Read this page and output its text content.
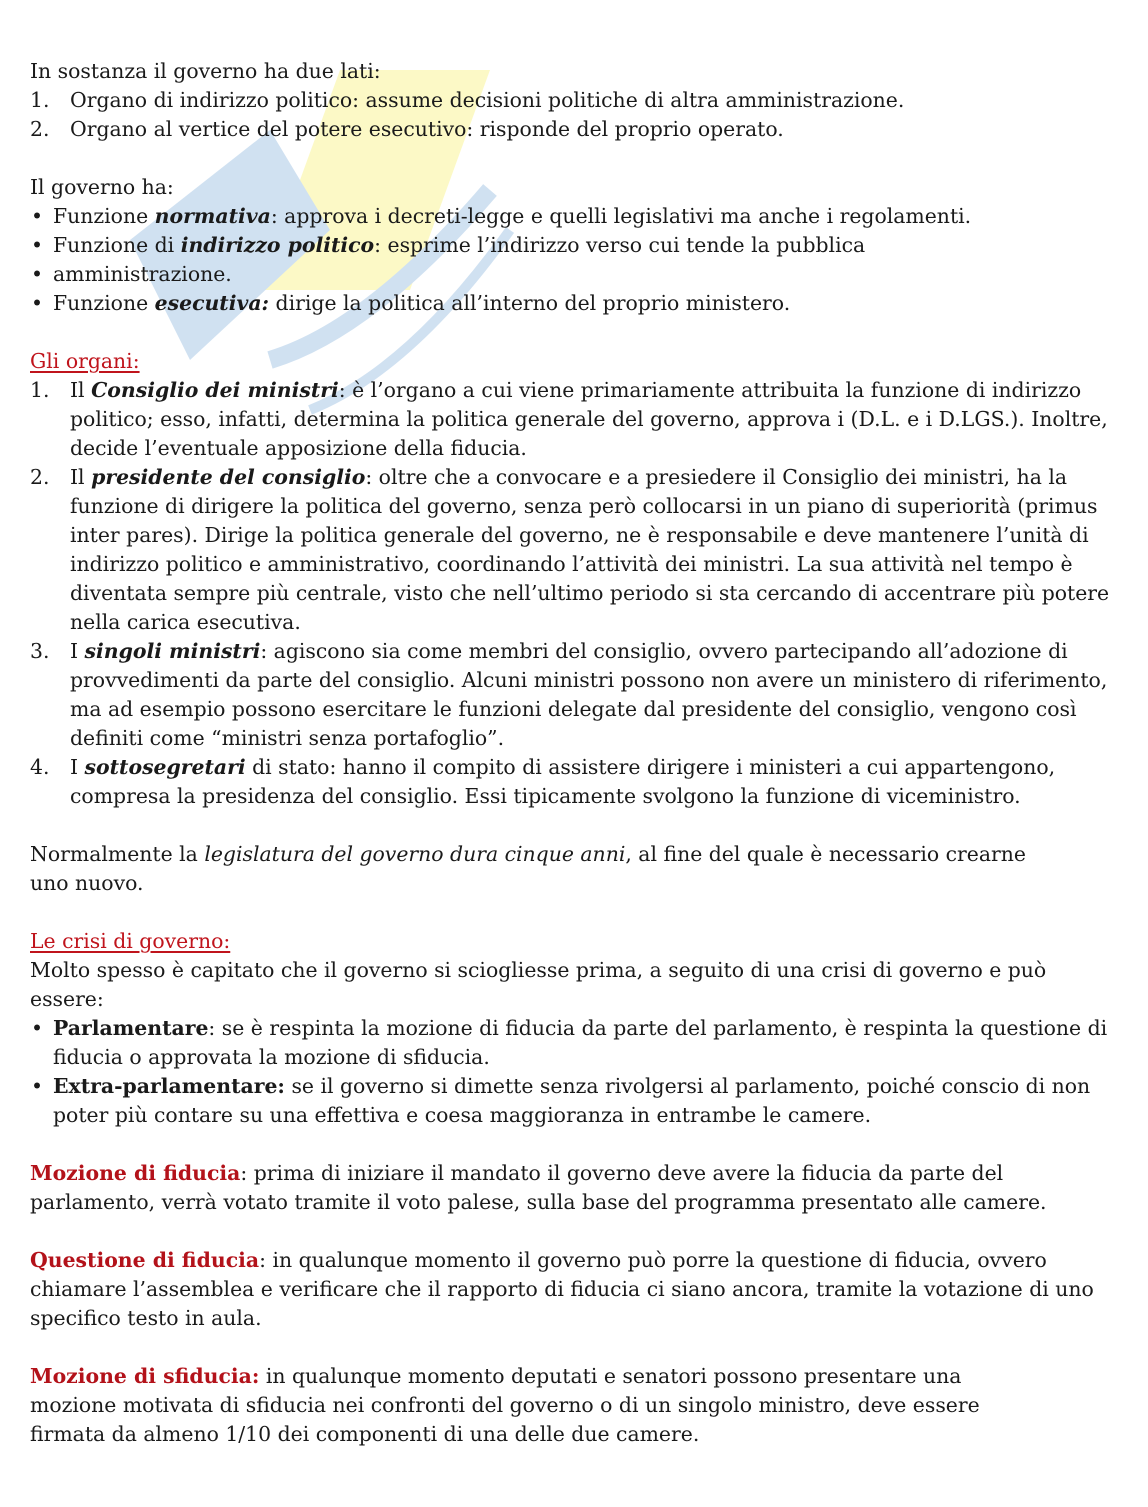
In sostanza il governo ha due lati:

1. Organo di indirizzo politico: assume decisioni politiche di altra amministrazione.
2. Organo al vertice del potere esecutivo: risponde del proprio operato.

Il governo ha:

• Funzione normativa: approva i decreti-legge e quelli legislativi ma anche i regolamenti.
• Funzione di indirizzo politico: esprime l’indirizzo verso cui tende la pubblica
• amministrazione.
• Funzione esecutiva: dirige la politica all’interno del proprio ministero.

Gli organi:

1. Il Consiglio dei ministri: è l’organo a cui viene primariamente attribuita la funzione di indirizzo politico; esso, infatti, determina la politica generale del governo, approva i (D.L. e i D.LGS.). Inoltre, decide l’eventuale apposizione della fiducia.
2. Il presidente del consiglio: oltre che a convocare e a presiedere il Consiglio dei ministri, ha la funzione di dirigere la politica del governo, senza però collocarsi in un piano di superiorità (primus inter pares). Dirige la politica generale del governo, ne è responsabile e deve mantenere l’unità di indirizzo politico e amministrativo, coordinando l’attività dei ministri. La sua attività nel tempo è diventata sempre più centrale, visto che nell’ultimo periodo si sta cercando di accentrare più potere nella carica esecutiva.
3. I singoli ministri: agiscono sia come membri del consiglio, ovvero partecipando all’adozione di provvedimenti da parte del consiglio. Alcuni ministri possono non avere un ministero di riferimento, ma ad esempio possono esercitare le funzioni delegate dal presidente del consiglio, vengono così definiti come “ministri senza portafoglio”.
4. I sottosegretari di stato: hanno il compito di assistere dirigere i ministeri a cui appartengono, compresa la presidenza del consiglio. Essi tipicamente svolgono la funzione di viceministro.

Normalmente la legislatura del governo dura cinque anni, al fine del quale è necessario crearne
uno nuovo.

Le crisi di governo:

Molto spesso è capitato che il governo si sciogliesse prima, a seguito di una crisi di governo e può essere:

• Parlamentare: se è respinta la mozione di fiducia da parte del parlamento, è respinta la questione di fiducia o approvata la mozione di sfiducia.
• Extra-parlamentare: se il governo si dimette senza rivolgersi al parlamento, poiché conscio di non poter più contare su una effettiva e coesa maggioranza in entrambe le camere.

Mozione di fiducia: prima di iniziare il mandato il governo deve avere la fiducia da parte del
parlamento, verrà votato tramite il voto palese, sulla base del programma presentato alle camere.

Questione di fiducia: in qualunque momento il governo può porre la questione di fiducia, ovvero chiamare l’assemblea e verificare che il rapporto di fiducia ci siano ancora, tramite la votazione di uno specifico testo in aula.

Mozione di sfiducia: in qualunque momento deputati e senatori possono presentare una
mozione motivata di sfiducia nei confronti del governo o di un singolo ministro, deve essere
firmata da almeno 1/10 dei componenti di una delle due camere.
